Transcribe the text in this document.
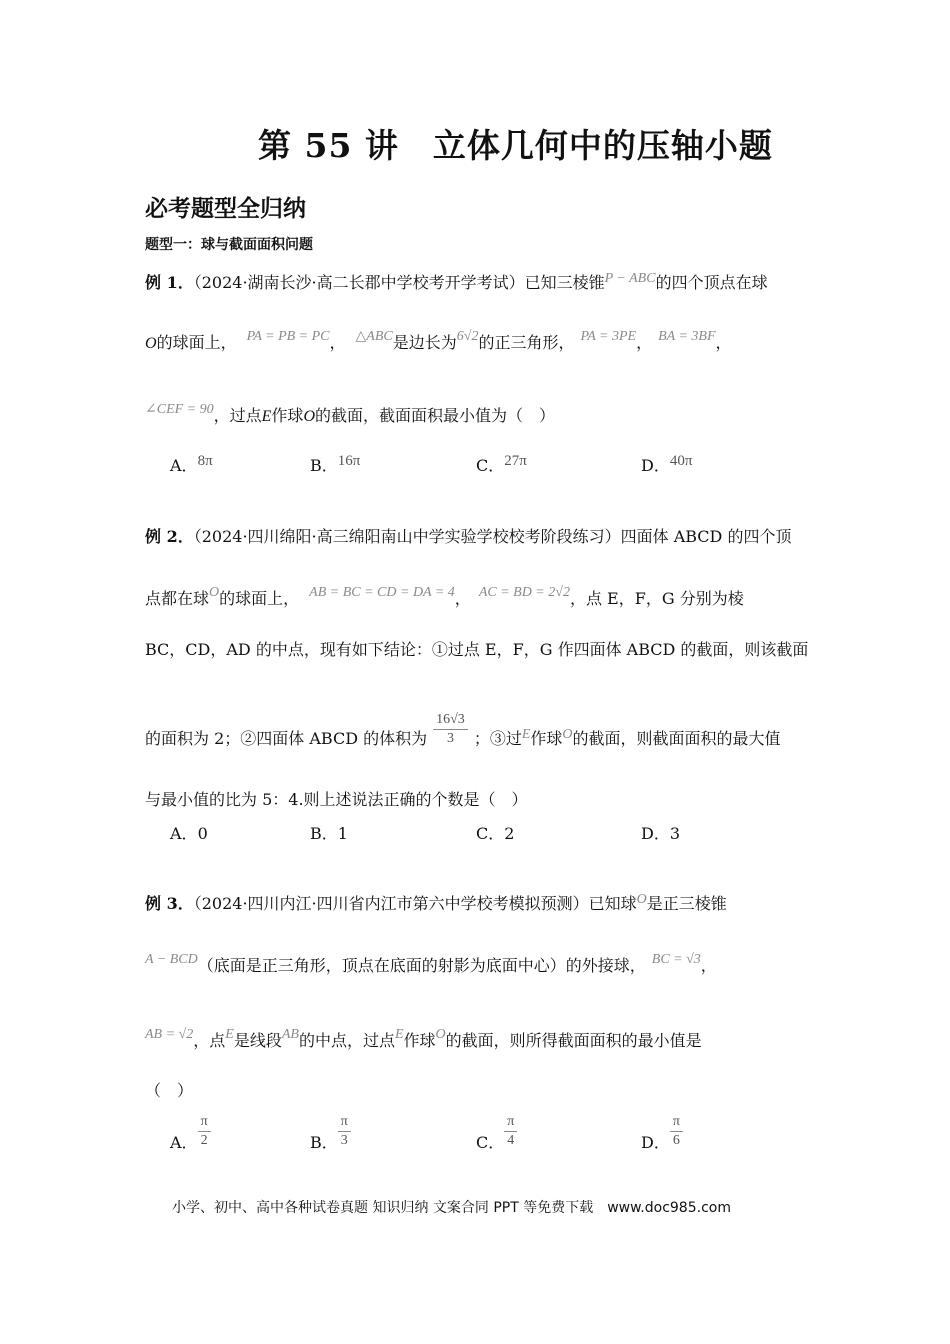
第 55 讲　立体几何中的压轴小题
必考题型全归纳
题型一：球与截面面积问题
例 1．（2024·湖南长沙·高二长郡中学校考开学考试）已知三棱锥P − ABC的四个顶点在球
O的球面上， PA = PB = PC， △ABC是边长为6√2的正三角形， PA = 3PE， BA = 3BF，
∠CEF = 90，过点E作球O的截面，截面面积最小值为（　）
A．8π	B．16π	C．27π	D．40π
例 2．（2024·四川绵阳·高三绵阳南山中学实验学校校考阶段练习）四面体 ABCD 的四个顶
点都在球O的球面上， AB = BC = CD = DA = 4， AC = BD = 2√2，点 E，F，G 分别为棱
BC，CD，AD 的中点，现有如下结论：①过点 E，F，G 作四面体 ABCD 的截面，则该截面
的面积为 2；②四面体 ABCD 的体积为 $\frac{16√3}{3}$ ；③过E作球O的截面，则截面面积的最大值
与最小值的比为 5：4.则上述说法正确的个数是（　）
A．0	B．1	C．2	D．3
例 3．（2024·四川内江·四川省内江市第六中学校考模拟预测）已知球O是正三棱锥
A − BCD（底面是正三角形，顶点在底面的射影为底面中心）的外接球， BC = √3，
AB = √2，点E是线段AB的中点，过点E作球O的截面，则所得截面面积的最小值是
（　）
A． $\frac{\pi}{2}$	B． $\frac{\pi}{3}$	C． $\frac{\pi}{4}$	D． $\frac{\pi}{6}$
小学、初中、高中各种试卷真题 知识归纳 文案合同 PPT 等免费下载　www.doc985.com
